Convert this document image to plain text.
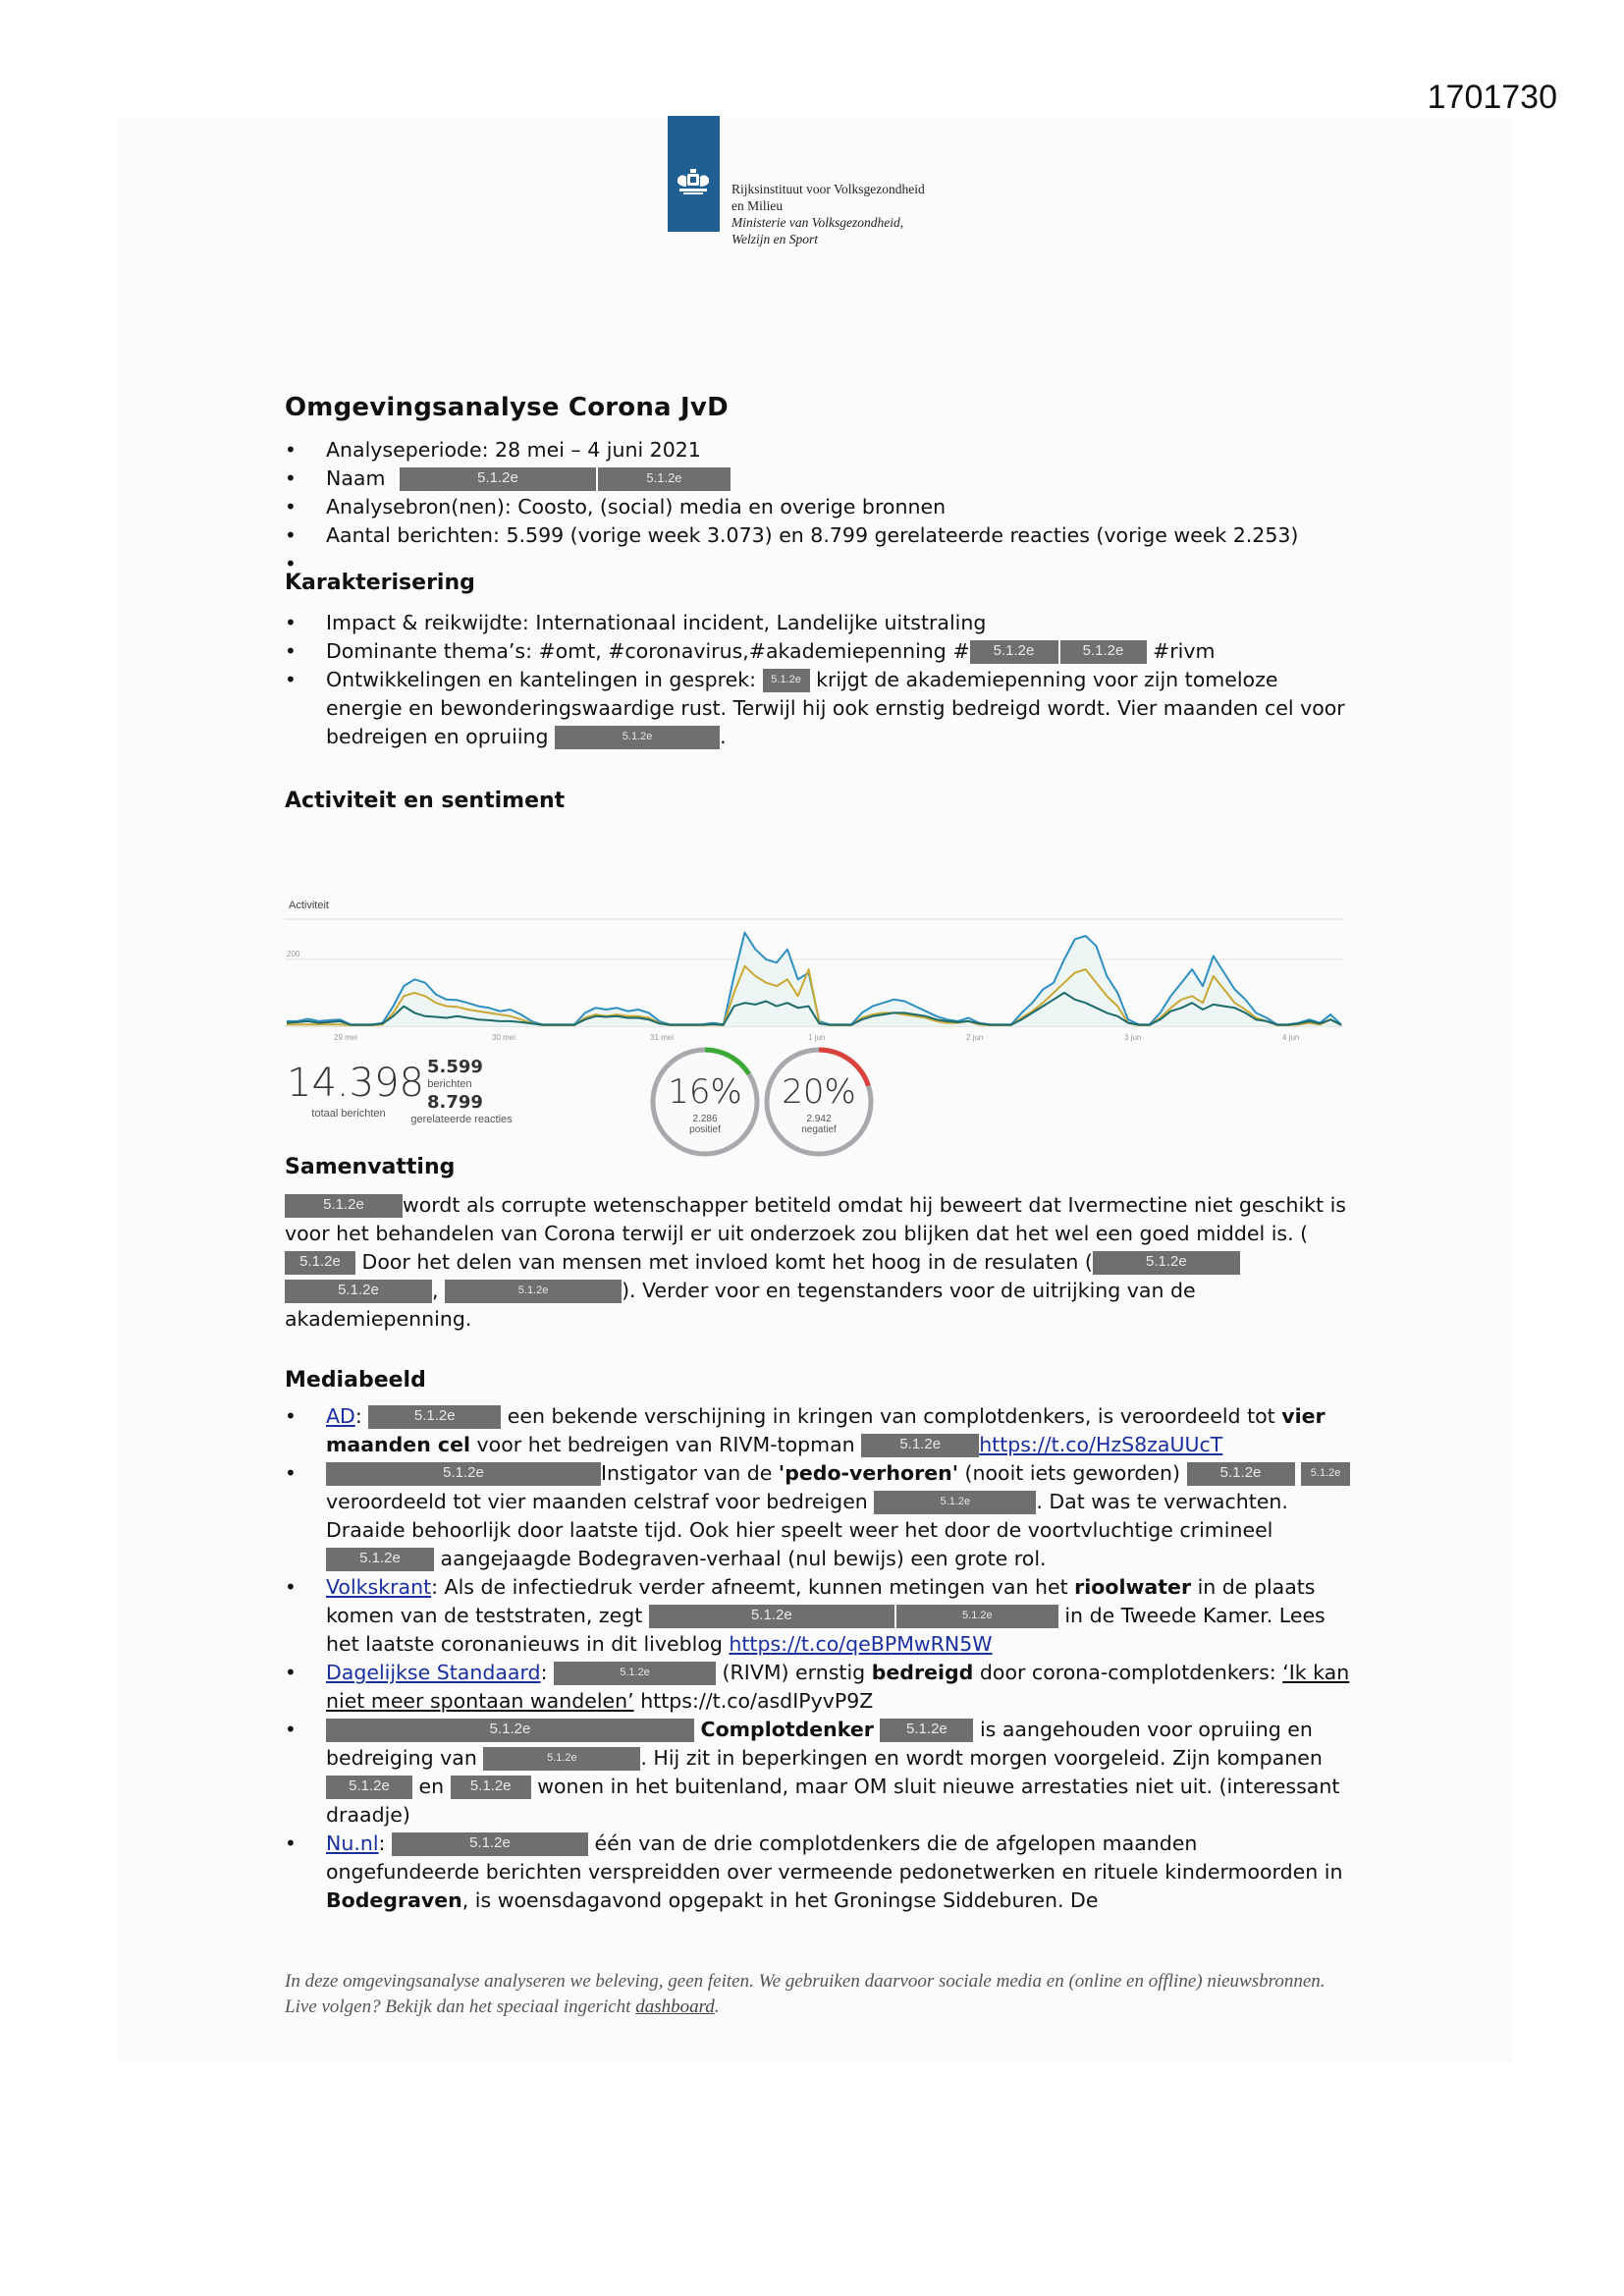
1701730
Rijksinstituut voor Volksgezondheid
en Milieu
Ministerie van Volksgezondheid,
Welzijn en Sport
Omgevingsanalyse Corona JvD
• Analyseperiode: 28 mei – 4 juni 2021
• Naam	5.1.2e	5.1.2e
• Analysebron(nen): Coosto, (social) media en overige bronnen
• Aantal berichten: 5.599 (vorige week 3.073) en 8.799 gerelateerde reacties (vorige week 2.253)
•
Karakterisering
• Impact & reikwijdte: Internationaal incident, Landelijke uitstraling
• Dominante thema’s: #omt, #coronavirus,#akademiepenning # 5.1.2e	5.1.2e #rivm
• Ontwikkelingen en kantelingen in gesprek: 5.1.2e krijgt de akademiepenning voor zijn tomeloze energie en bewonderingswaardige rust. Terwijl hij ook ernstig bedreigd wordt. Vier maanden cel voor bedreigen en opruiing	5.1.2e	.
Activiteit en sentiment
Activiteit
200
29 mei	30 mei	31 mei	1 jun	2 jun	3 jun	4 jun
14.398
totaal berichten
5.599
berichten
8.799
gerelateerde reacties
16%
2.286
positief
20%
2.942
negatief
Samenvatting

5.1.2e wordt als corrupte wetenschapper betiteld omdat hij beweert dat Ivermectine niet geschikt is voor het behandelen van Corona terwijl er uit onderzoek zou blijken dat het wel een goed middel is. (5.1.2e Door het delen van mensen met invloed komt het hoog in de resulaten (	5.1.2e5.1.2e	,	5.1.2e	). Verder voor en tegenstanders voor de uitrijking van de akademiepenning.

Mediabeeld
• AD:	5.1.2e	een bekende verschijning in kringen van complotdenkers, is veroordeeld tot vier maanden cel voor het bedreigen van RIVM-topman	5.1.2e https://t.co/HzS8zaUUcT
• 5.1.2e	Instigator van de 'pedo-verhoren' (nooit iets geworden)	5.1.2e	5.1.2everoordeeld tot vier maanden celstraf voor bedreigen	5.1.2e	. Dat was te verwachten. Draaide behoorlijk door laatste tijd. Ook hier speelt weer het door de voortvluchtige crimineel 5.1.2e aangejaagde Bodegraven-verhaal (nul bewijs) een grote rol.
• Volkskrant: Als de infectiedruk verder afneemt, kunnen metingen van het rioolwater in de plaats komen van de teststraten, zegt	5.1.2e	5.1.2e	in de Tweede Kamer. Lees het laatste coronanieuws in dit liveblog https://t.co/qeBPMwRN5W
• Dagelijkse Standaard:	5.1.2e	(RIVM) ernstig bedreigd door corona-complotdenkers: ‘Ik kan niet meer spontaan wandelen’ https://t.co/asdIPyvP9Z
• 5.1.2e	Complotdenker 5.1.2e is aangehouden voor opruiing en bedreiging van	5.1.2e	. Hij zit in beperkingen en wordt morgen voorgeleid. Zijn kompanen5.1.2e en 5.1.2e wonen in het buitenland, maar OM sluit nieuwe arrestaties niet uit. (interessant draadje)
• Nu.nl:	5.1.2e	één van de drie complotdenkers die de afgelopen maanden ongefundeerde berichten verspreidden over vermeende pedonetwerken en rituele kindermoorden in Bodegraven, is woensdagavond opgepakt in het Groningse Siddeburen. De
In deze omgevingsanalyse analyseren we beleving, geen feiten. We gebruiken daarvoor sociale media en (online en offline) nieuwsbronnen. Live volgen? Bekijk dan het speciaal ingericht dashboard.
